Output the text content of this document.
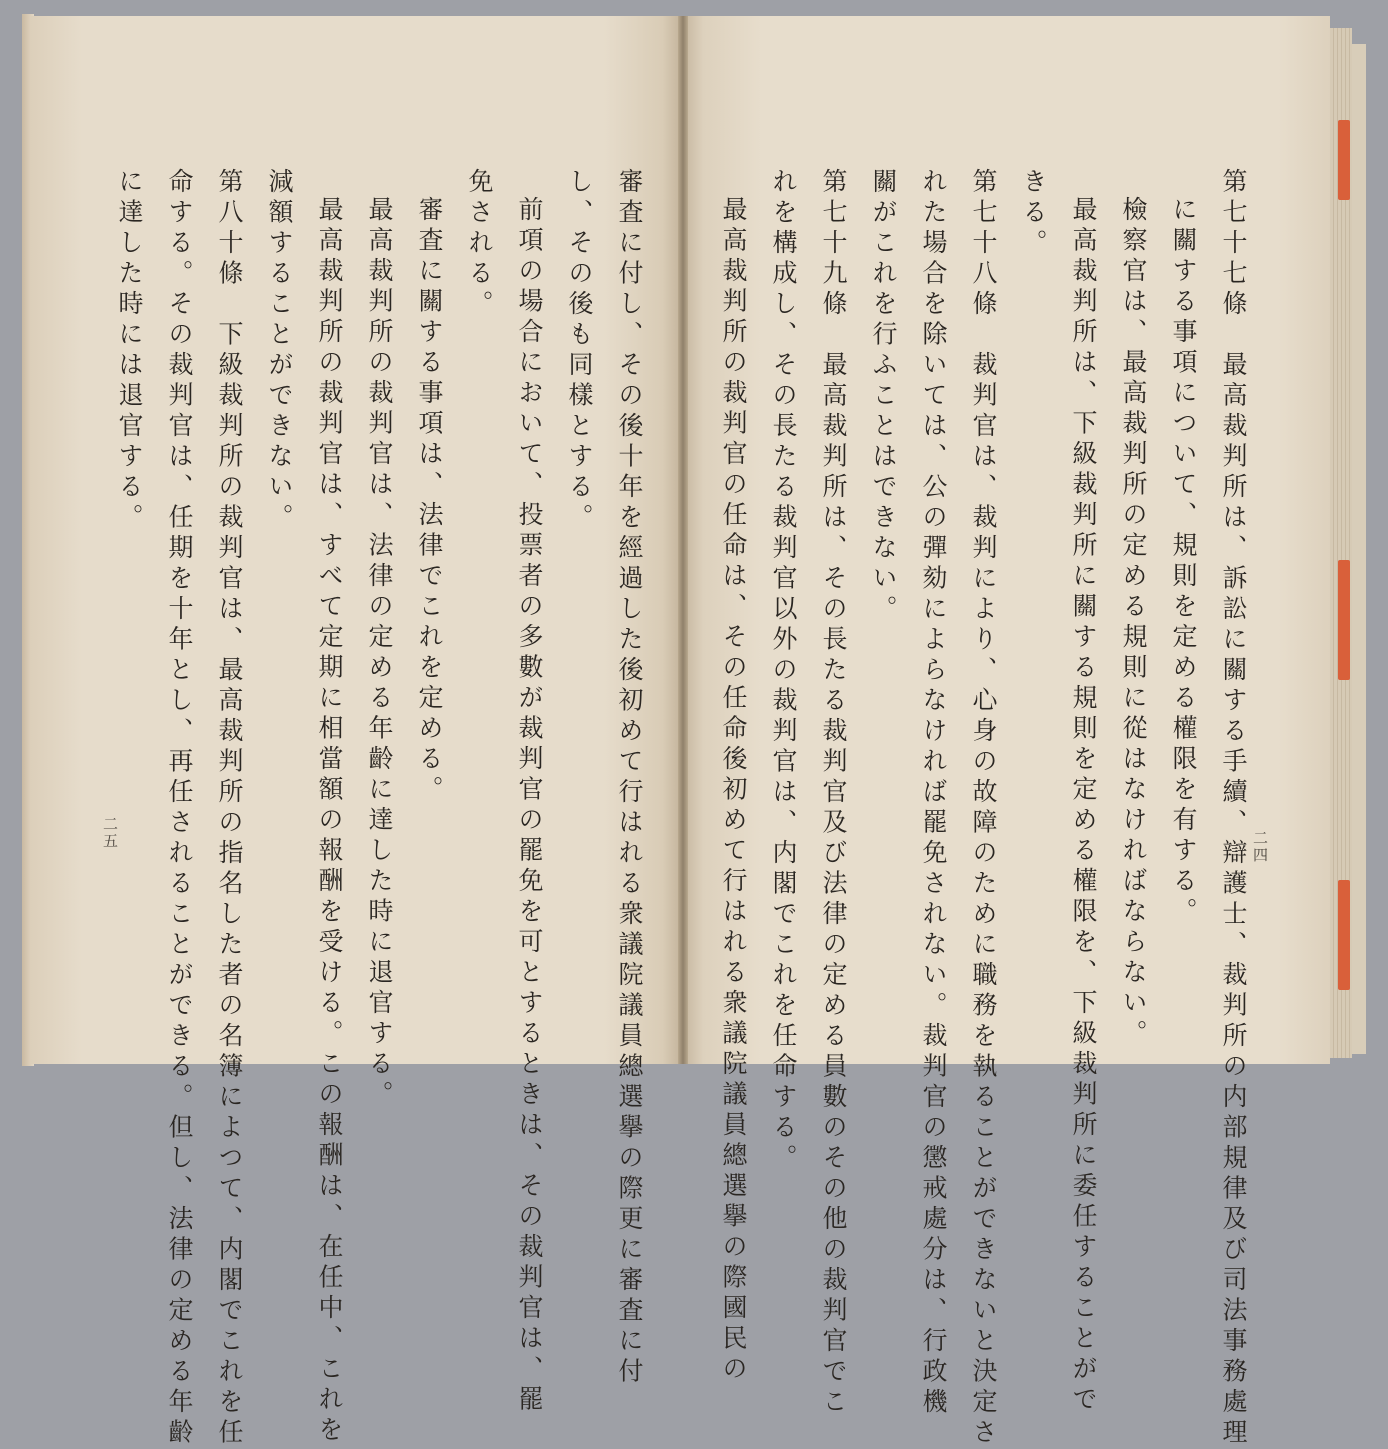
第七十七條　最高裁判所は、訴訟に關する手續、辯護士、裁判所の内部規律及び司法事務處理
に關する事項について、規則を定める權限を有する。
檢察官は、最高裁判所の定める規則に從はなければならない。
最高裁判所は、下級裁判所に關する規則を定める權限を、下級裁判所に委任することがで
きる。
第七十八條　裁判官は、裁判により、心身の故障のために職務を執ることができないと決定さ
れた場合を除いては、公の彈劾によらなければ罷免されない。裁判官の懲戒處分は、行政機
關がこれを行ふことはできない。
第七十九條　最高裁判所は、その長たる裁判官及び法律の定める員數のその他の裁判官でこ
れを構成し、その長たる裁判官以外の裁判官は、内閣でこれを任命する。
最高裁判所の裁判官の任命は、その任命後初めて行はれる衆議院議員總選擧の際國民の	二四
審査に付し、その後十年を經過した後初めて行はれる衆議院議員總選擧の際更に審査に付
し、その後も同樣とする。
前項の場合において、投票者の多數が裁判官の罷免を可とするときは、その裁判官は、罷
免される。
審査に關する事項は、法律でこれを定める。
最高裁判所の裁判官は、法律の定める年齡に達した時に退官する。
最高裁判所の裁判官は、すべて定期に相當額の報酬を受ける。この報酬は、在任中、これを
減額することができない。
第八十條　下級裁判所の裁判官は、最高裁判所の指名した者の名簿によつて、内閣でこれを任
命する。その裁判官は、任期を十年とし、再任されることができる。但し、法律の定める年齡
に達した時には退官する。
二五
